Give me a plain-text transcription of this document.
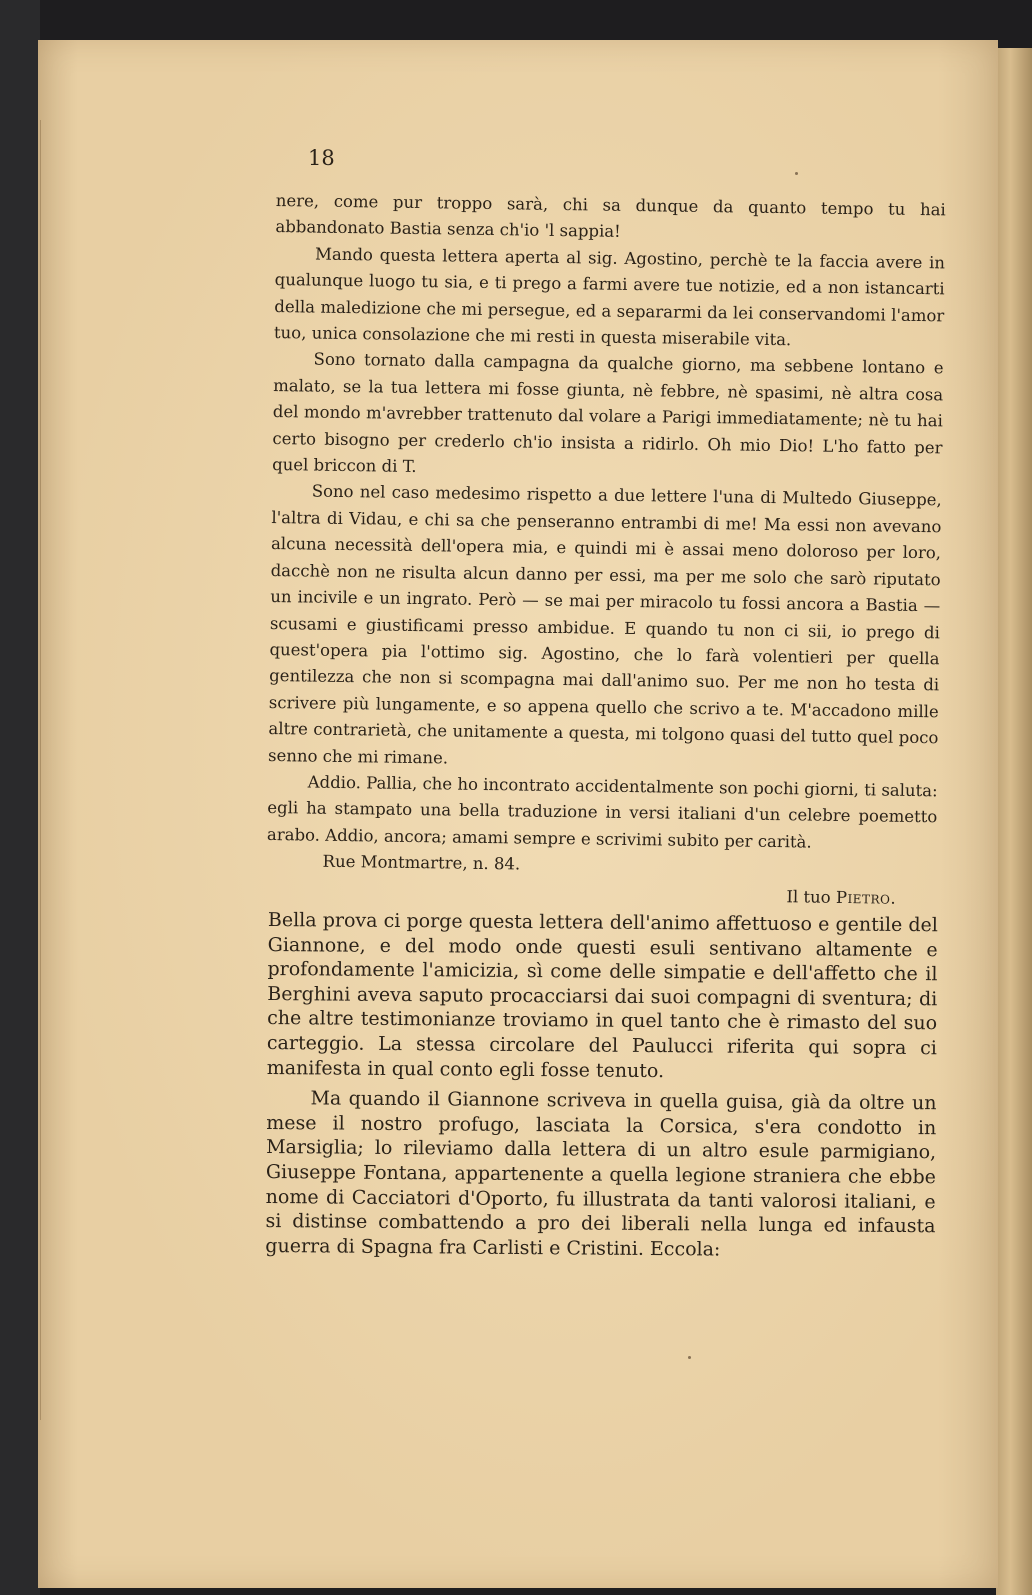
18

nere, come pur troppo sarà, chi sa dunque da quanto tempo tu hai abbandonato Bastia senza ch'io 'l sappia!

Mando questa lettera aperta al sig. Agostino, perchè te la faccia avere in qualunque luogo tu sia, e ti prego a farmi avere tue notizie, ed a non istancarti della maledizione che mi persegue, ed a separarmi da lei conservandomi l'amor tuo, unica consolazione che mi resti in questa miserabile vita.

Sono tornato dalla campagna da qualche giorno, ma sebbene lontano e malato, se la tua lettera mi fosse giunta, nè febbre, nè spasimi, nè altra cosa del mondo m'avrebber trattenuto dal volare a Parigi immediatamente; nè tu hai certo bisogno per crederlo ch'io insista a ridirlo. Oh mio Dio! L'ho fatto per quel briccon di T.

Sono nel caso medesimo rispetto a due lettere l'una di Multedo Giuseppe, l'altra di Vidau, e chi sa che penseranno entrambi di me! Ma essi non avevano alcuna necessità dell'opera mia, e quindi mi è assai meno doloroso per loro, dacchè non ne risulta alcun danno per essi, ma per me solo che sarò riputato un incivile e un ingrato. Però — se mai per miracolo tu fossi ancora a Bastia — scusami e giustificami presso ambidue. E quando tu non ci sii, io prego di quest'opera pia l'ottimo sig. Agostino, che lo farà volentieri per quella gentilezza che non si scompagna mai dall'animo suo. Per me non ho testa di scrivere più lungamente, e so appena quello che scrivo a te. M'accadono mille altre contrarietà, che unitamente a questa, mi tolgono quasi del tutto quel poco senno che mi rimane.

Addio. Pallia, che ho incontrato accidentalmente son pochi giorni, ti saluta: egli ha stampato una bella traduzione in versi italiani d'un celebre poemetto arabo. Addio, ancora; amami sempre e scrivimi subito per carità.

Rue Montmartre, n. 84.
Il tuo Pietro.

Bella prova ci porge questa lettera dell'animo affettuoso e gentile del Giannone, e del modo onde questi esuli sentivano altamente e profondamente l'amicizia, sì come delle simpatie e dell'affetto che il Berghini aveva saputo procacciarsi dai suoi compagni di sventura; di che altre testimonianze troviamo in quel tanto che è rimasto del suo carteggio. La stessa circolare del Paulucci riferita qui sopra ci manifesta in qual conto egli fosse tenuto.

Ma quando il Giannone scriveva in quella guisa, già da oltre un mese il nostro profugo, lasciata la Corsica, s'era condotto in Marsiglia; lo rileviamo dalla lettera di un altro esule parmigiano, Giuseppe Fontana, appartenente a quella legione straniera che ebbe nome di Cacciatori d'Oporto, fu illustrata da tanti valorosi italiani, e si distinse combattendo a pro dei liberali nella lunga ed infausta guerra di Spagna fra Carlisti e Cristini. Eccola:
